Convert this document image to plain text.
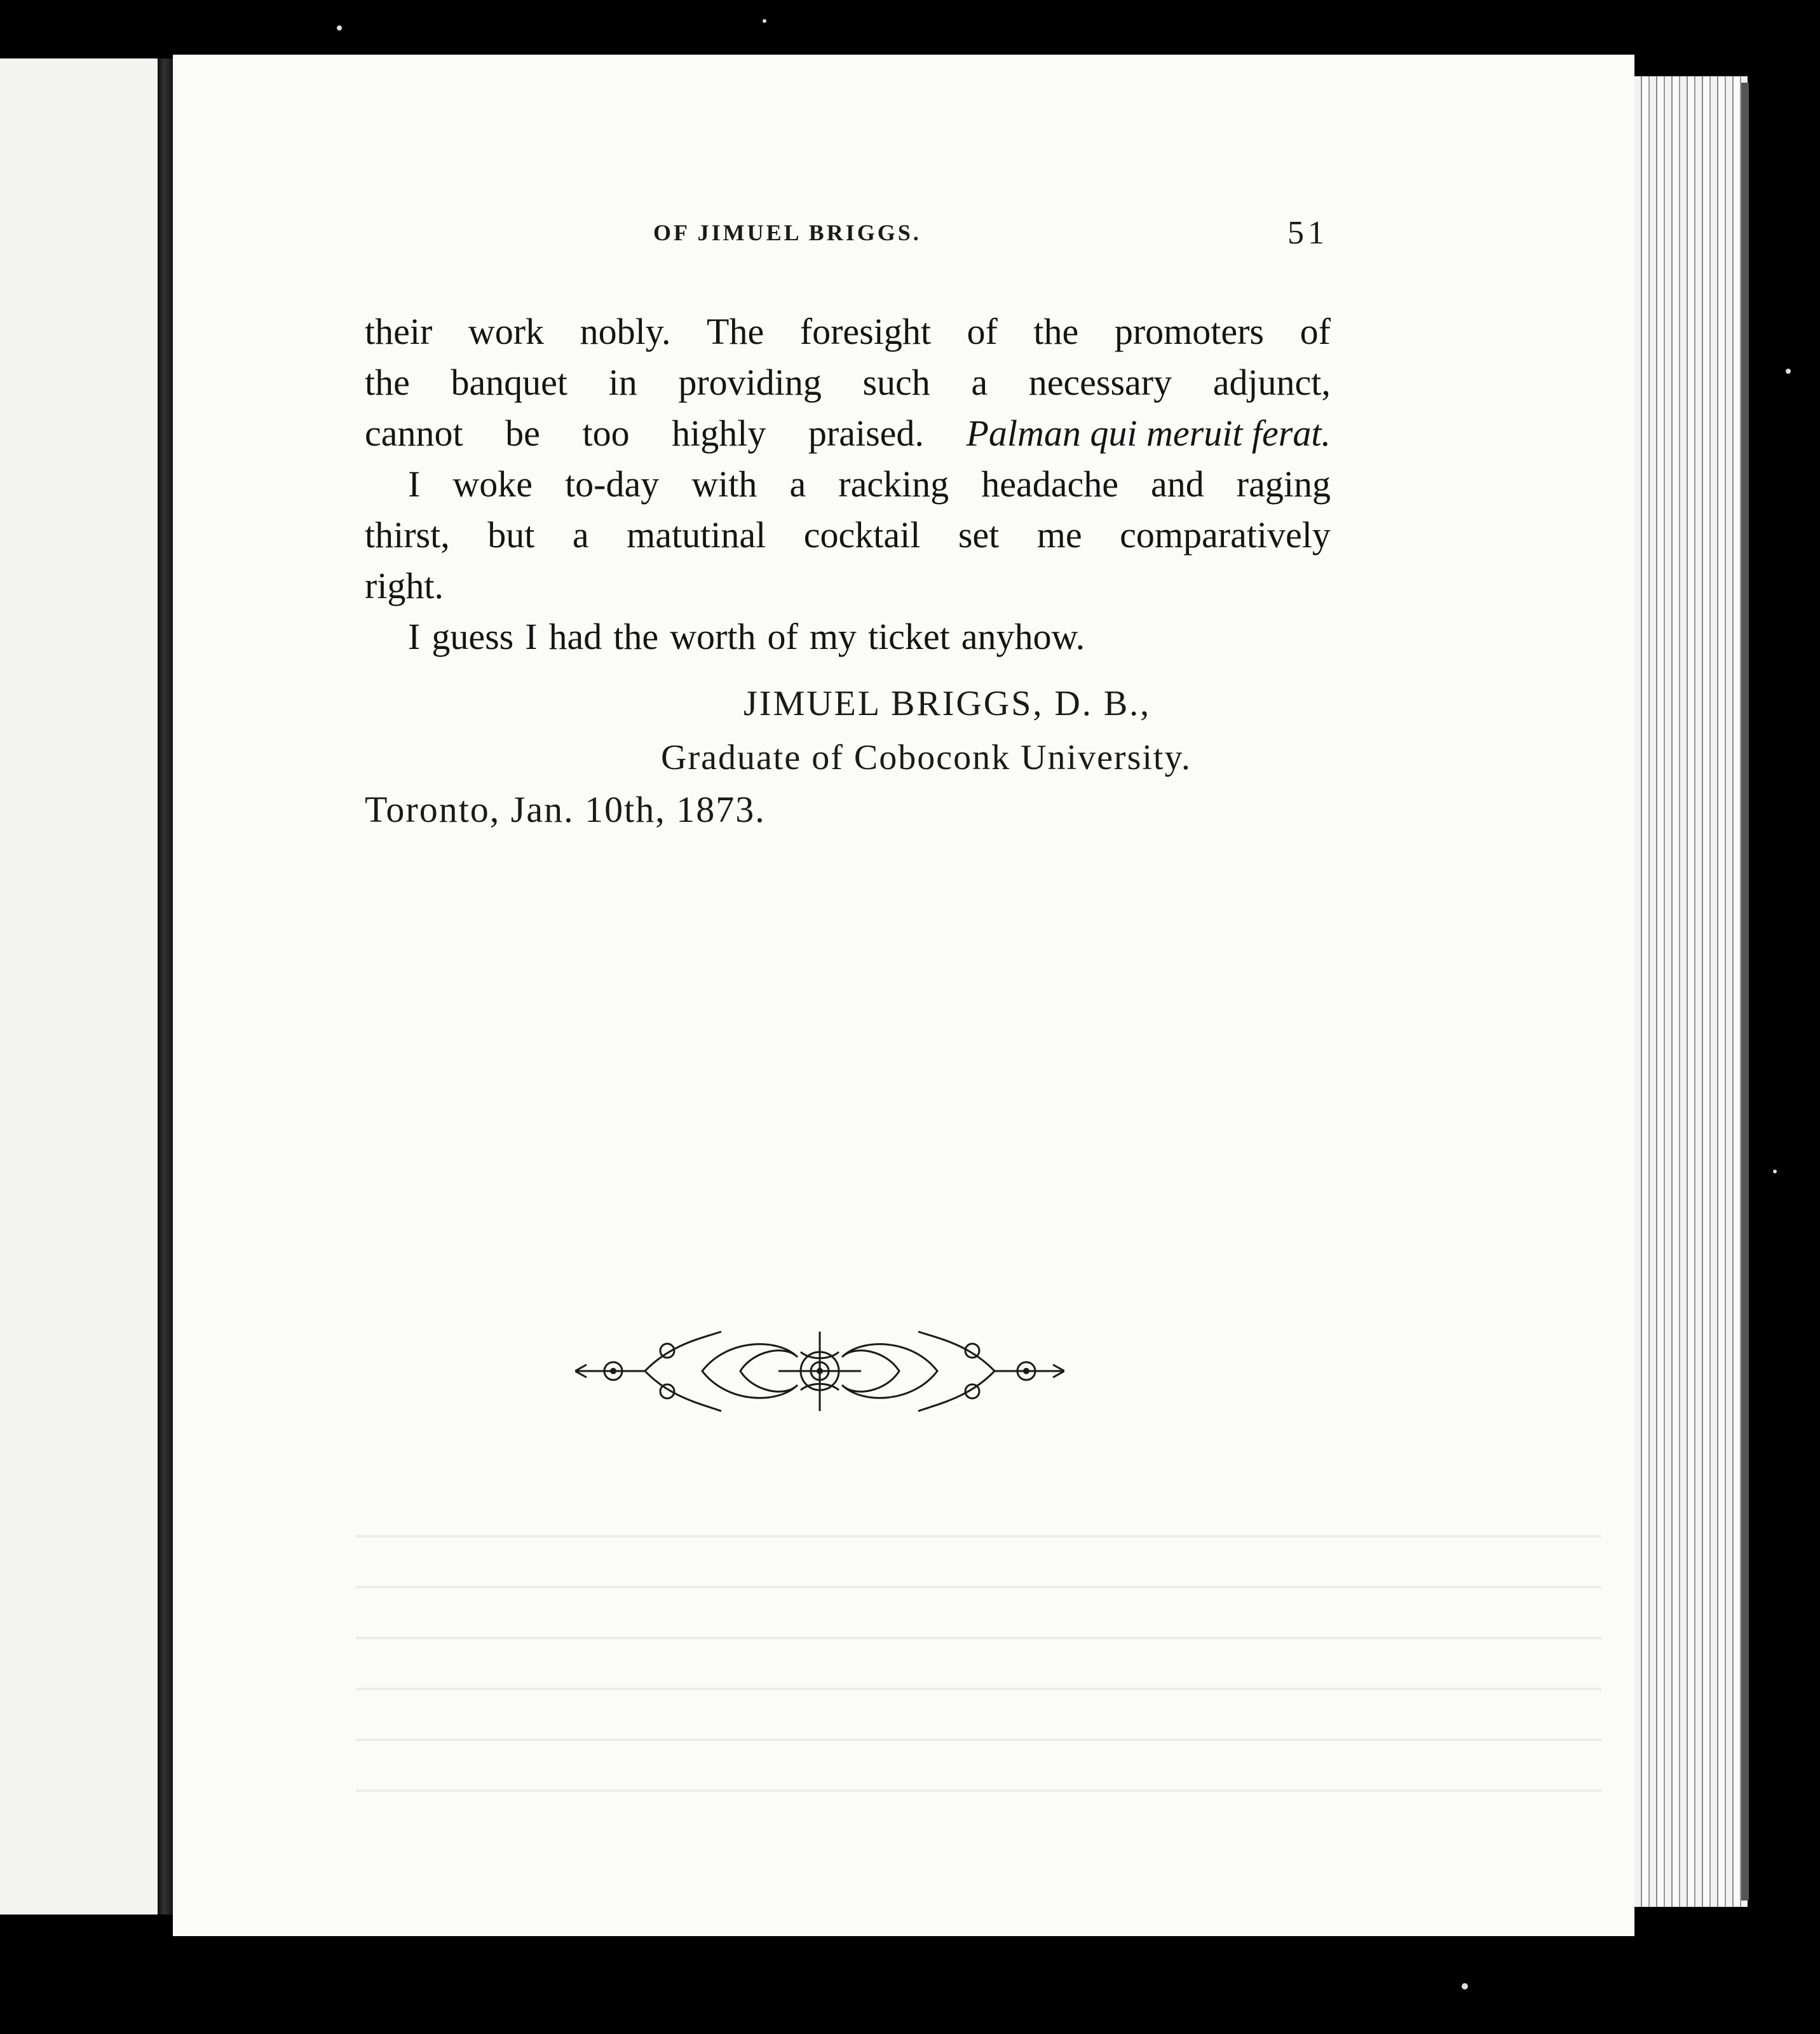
OF JIMUEL BRIGGS.	51
their work nobly. The foresight of the promoters of
the banquet in providing such a necessary adjunct,
cannot be too highly praised. Palman qui meruit ferat.
I woke to-day with a racking headache and raging
thirst, but a matutinal cocktail set me comparatively
right.
I guess I had the worth of my ticket anyhow.
JIMUEL BRIGGS, D. B.,
Graduate of Coboconk University.
Toronto, Jan. 10th, 1873.
